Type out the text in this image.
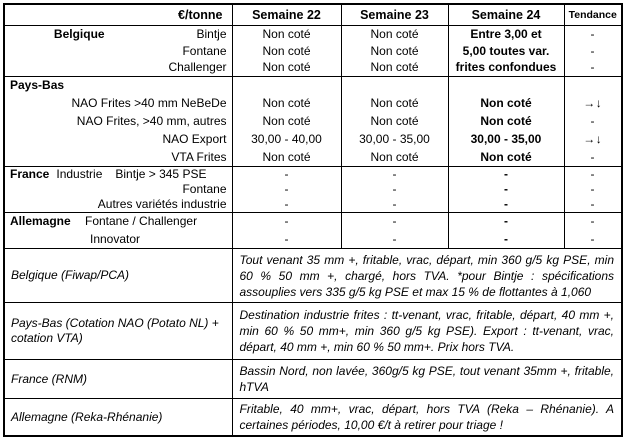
€/tonne	Semaine 22	Semaine 23	Semaine 24	Tendance

Belgique Bintje	Non coté	Non coté	Entre 3,00 et	-
Fontane	Non coté	Non coté	5,00 toutes var.	-
Challenger	Non coté	Non coté	frites confondues	-
Pays-Bas				
NAO Frites >40 mm NeBeDe	Non coté	Non coté	Non coté	→↓
NAO Frites, >40 mm, autres	Non coté	Non coté	Non coté	-
NAO Export	30,00 - 40,00	30,00 - 35,00	30,00 - 35,00	→↓
VTA Frites	Non coté	Non coté	Non coté	-
France Industrie Bintje > 345 PSE	-	-	-	-
Fontane	-	-	-	-
Autres variétés industrie	-	-	-	-
Allemagne Fontane / Challenger	-	-	-	-
Innovator	-	-	-	-
Belgique (Fiwap/PCA)	Tout venant 35 mm +, fritable, vrac, départ, min 360 g/5 kg PSE, min 60 % 50 mm +, chargé, hors TVA. *pour Bintje : spécifications assouplies vers 335 g/5 kg PSE et max 15 % de flottantes à 1,060			
Pays-Bas (Cotation NAO (Potato NL) + cotation VTA)	Destination industrie frites : tt-venant, vrac, fritable, départ, 40 mm +, min 60 % 50 mm+, min 360 g/5 kg PSE). Export : tt-venant, vrac, départ, 40 mm +, min 60 % 50 mm+. Prix hors TVA.			
France (RNM)	Bassin Nord, non lavée, 360g/5 kg PSE, tout venant 35mm +, fritable, hTVA			
Allemagne (Reka-Rhénanie)	Fritable, 40 mm+, vrac, départ, hors TVA (Reka – Rhénanie). A certaines périodes, 10,00 €/t à retirer pour triage !			
